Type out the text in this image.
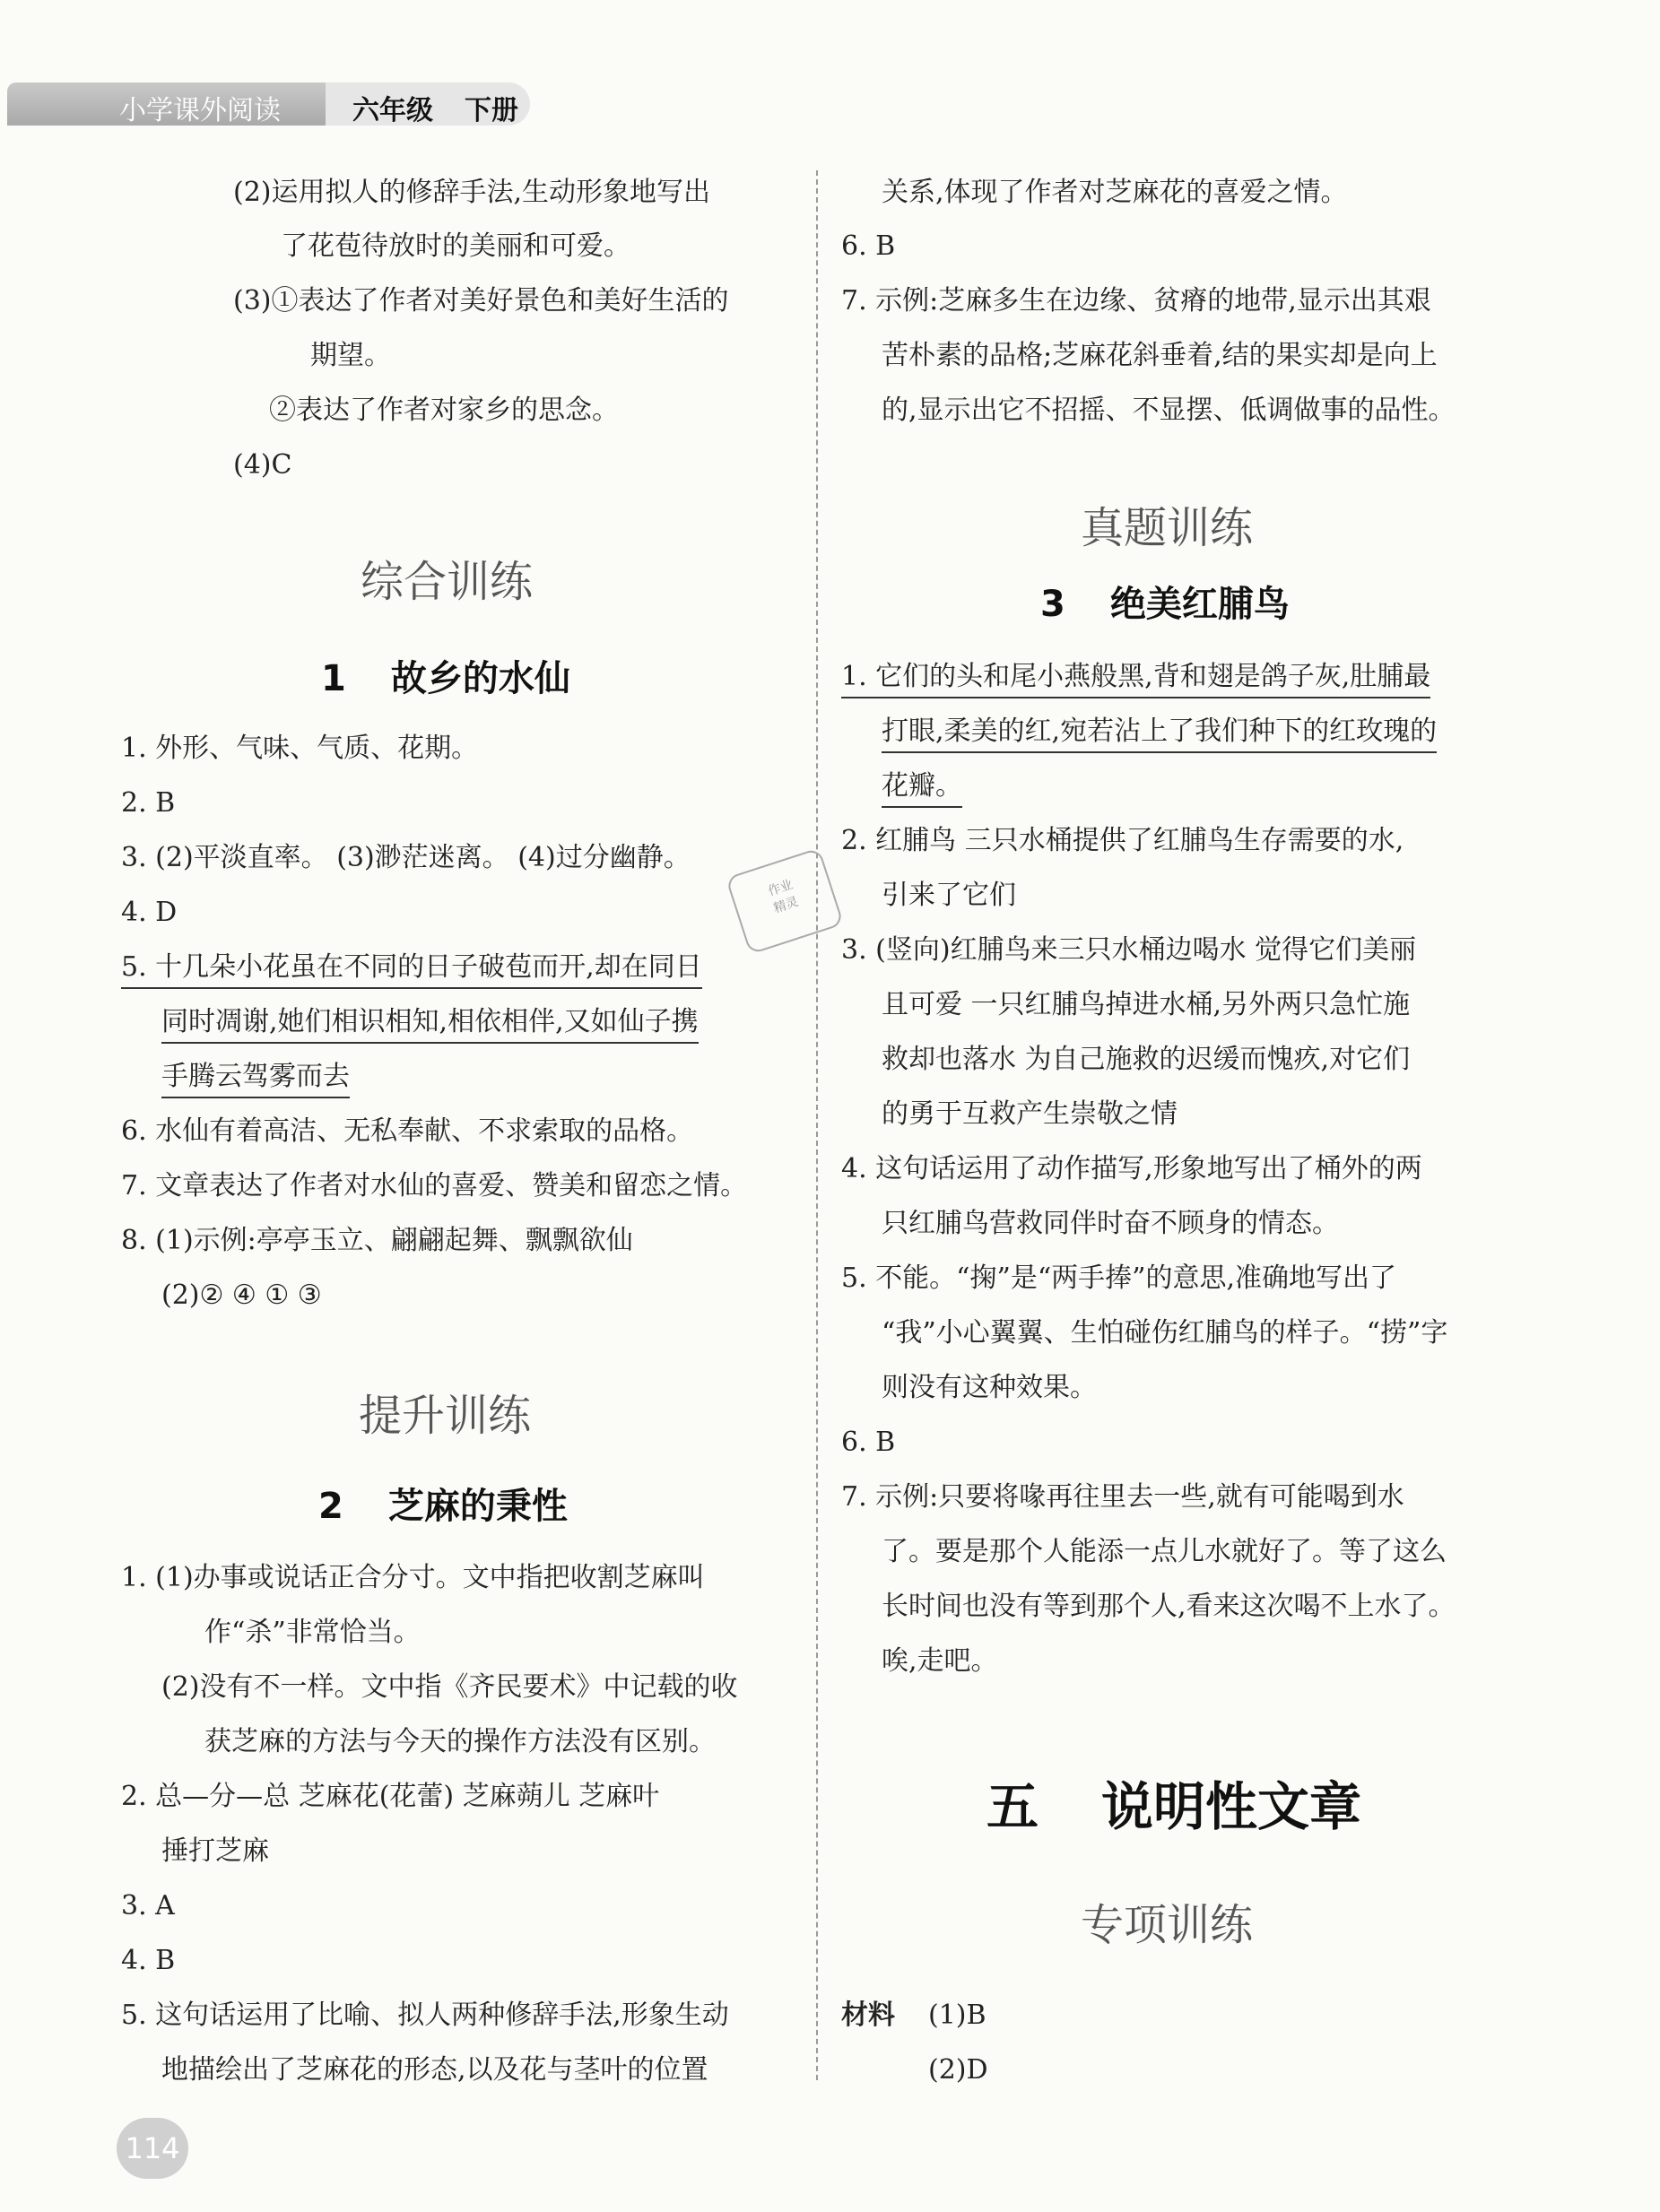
小学课外阅读	六年级 下册
(2)运用拟人的修辞手法,生动形象地写出
了花苞待放时的美丽和可爱。
(3)①表达了作者对美好景色和美好生活的
期望。
②表达了作者对家乡的思念。
(4)C
综合训练
1 故乡的水仙
1. 外形、气味、气质、花期。
2. B
3. (2)平淡直率。 (3)渺茫迷离。 (4)过分幽静。
4. D
5. 十几朵小花虽在不同的日子破苞而开,却在同日
同时凋谢,她们相识相知,相依相伴,又如仙子携
手腾云驾雾而去
6. 水仙有着高洁、无私奉献、不求索取的品格。
7. 文章表达了作者对水仙的喜爱、赞美和留恋之情。
8. (1)示例:亭亭玉立、翩翩起舞、飘飘欲仙
(2)② ④ ① ③
提升训练
2 芝麻的秉性
1. (1)办事或说话正合分寸。文中指把收割芝麻叫
作“杀”非常恰当。
(2)没有不一样。文中指《齐民要术》中记载的收
获芝麻的方法与今天的操作方法没有区别。
2. 总—分—总 芝麻花(花蕾) 芝麻蒴儿 芝麻叶
捶打芝麻
3. A
4. B
5. 这句话运用了比喻、拟人两种修辞手法,形象生动
地描绘出了芝麻花的形态,以及花与茎叶的位置
作业
精灵
关系,体现了作者对芝麻花的喜爱之情。
6. B
7. 示例:芝麻多生在边缘、贫瘠的地带,显示出其艰
苦朴素的品格;芝麻花斜垂着,结的果实却是向上
的,显示出它不招摇、不显摆、低调做事的品性。
真题训练
3 绝美红脯鸟
1. 它们的头和尾小燕般黑,背和翅是鸽子灰,肚脯最
打眼,柔美的红,宛若沾上了我们种下的红玫瑰的
花瓣。
2. 红脯鸟 三只水桶提供了红脯鸟生存需要的水,
引来了它们
3. (竖向)红脯鸟来三只水桶边喝水 觉得它们美丽
且可爱 一只红脯鸟掉进水桶,另外两只急忙施
救却也落水 为自己施救的迟缓而愧疚,对它们
的勇于互救产生崇敬之情
4. 这句话运用了动作描写,形象地写出了桶外的两
只红脯鸟营救同伴时奋不顾身的情态。
5. 不能。“掬”是“两手捧”的意思,准确地写出了
“我”小心翼翼、生怕碰伤红脯鸟的样子。“捞”字
则没有这种效果。
6. B
7. 示例:只要将喙再往里去一些,就有可能喝到水
了。要是那个人能添一点儿水就好了。等了这么
长时间也没有等到那个人,看来这次喝不上水了。
唉,走吧。
五 说明性文章
专项训练
材料 (1)B
(2)D
114
